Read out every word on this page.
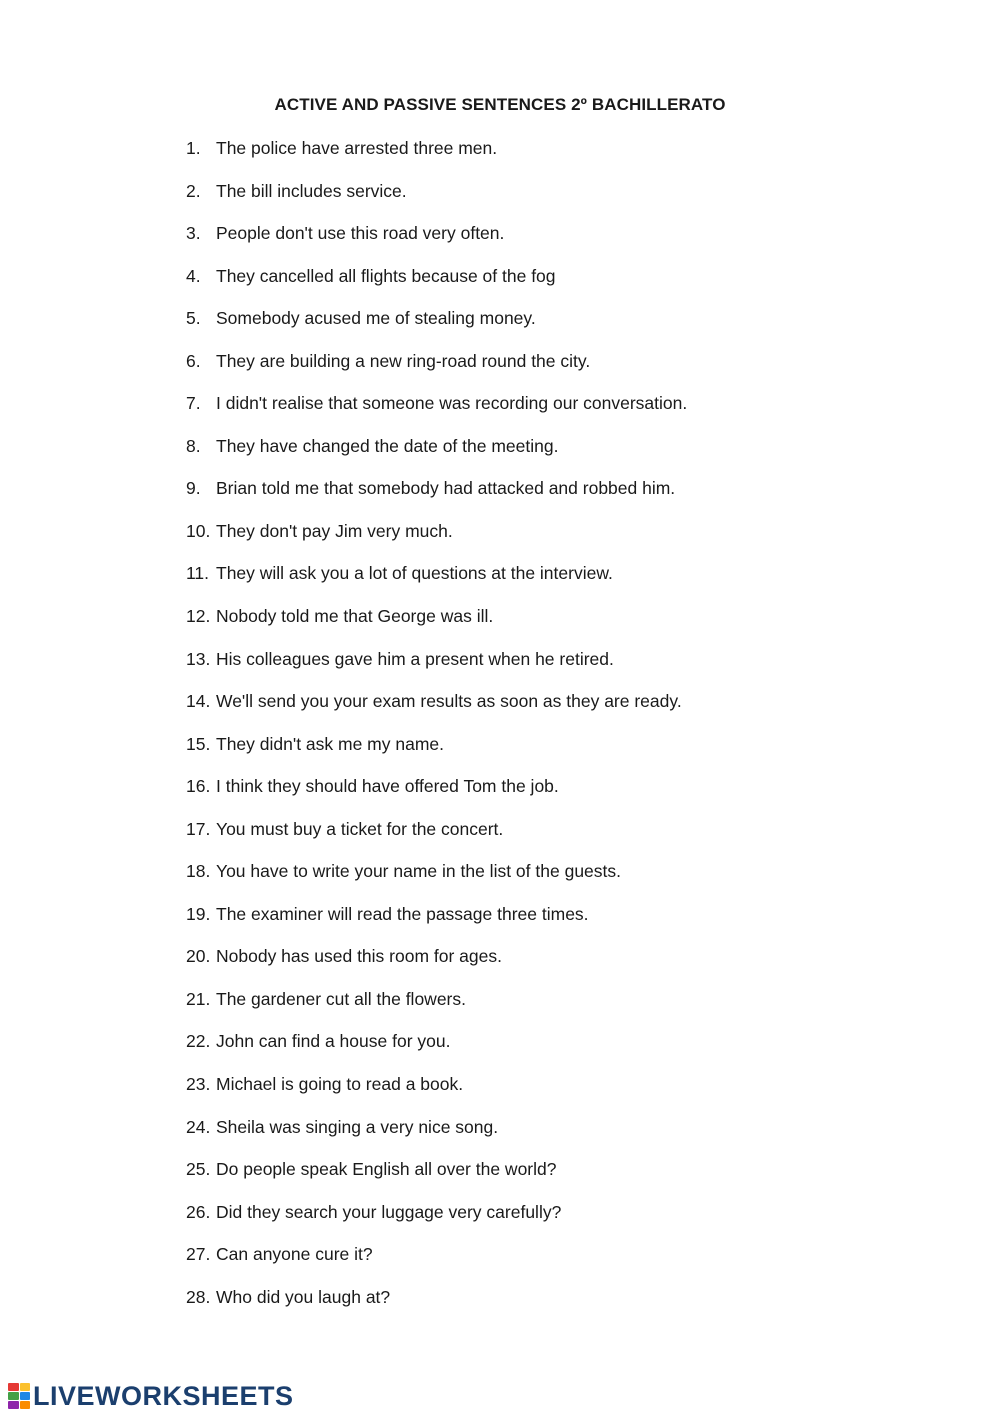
ACTIVE AND PASSIVE SENTENCES 2º BACHILLERATO
1. The police have arrested three men.
2. The bill includes service.
3. People don't use this road very often.
4. They cancelled all flights because of the fog
5. Somebody acused me of stealing money.
6. They are building a new ring-road round the city.
7. I didn't realise that someone was recording our conversation.
8. They have changed the date of the meeting.
9. Brian told me that somebody had attacked and robbed him.
10. They don't pay Jim very much.
11. They will ask you a lot of questions at the interview.
12. Nobody told me that George was ill.
13. His colleagues gave him a present when he retired.
14. We'll send you your exam results as soon as they are ready.
15. They didn't ask me my name.
16. I think they should have offered Tom the job.
17. You must buy a ticket for the concert.
18. You have to write your name in the list of the guests.
19. The examiner will read the passage three times.
20. Nobody has used this room for ages.
21. The gardener cut all the flowers.
22. John can find a house for you.
23. Michael is going to read a book.
24. Sheila was singing a very nice song.
25. Do people speak English all over the world?
26. Did they search your luggage very carefully?
27. Can anyone cure it?
28. Who did you laugh at?
LIVEWORKSHEETS
